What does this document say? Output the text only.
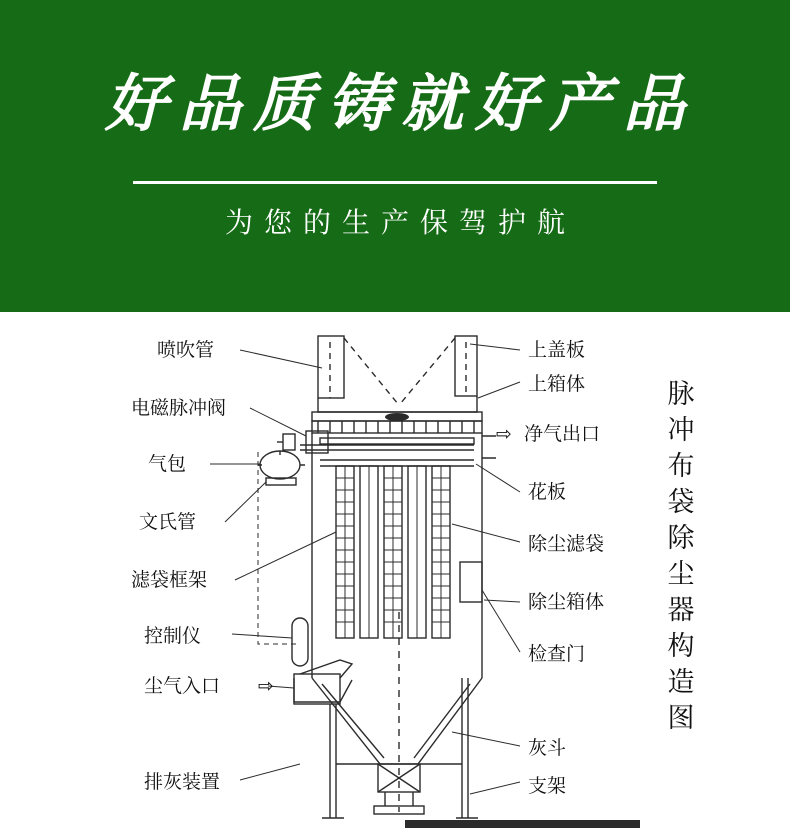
好品质铸就好产品
为您的生产保驾护航
脉冲布袋除尘器构造图
喷吹管
电磁脉冲阀
气包
文氏管
滤袋框架
控制仪
尘气入口 ⇨
排灰装置
上盖板
上箱体
⇨ 净气出口
花板
除尘滤袋
除尘箱体
检查门
灰斗
支架
